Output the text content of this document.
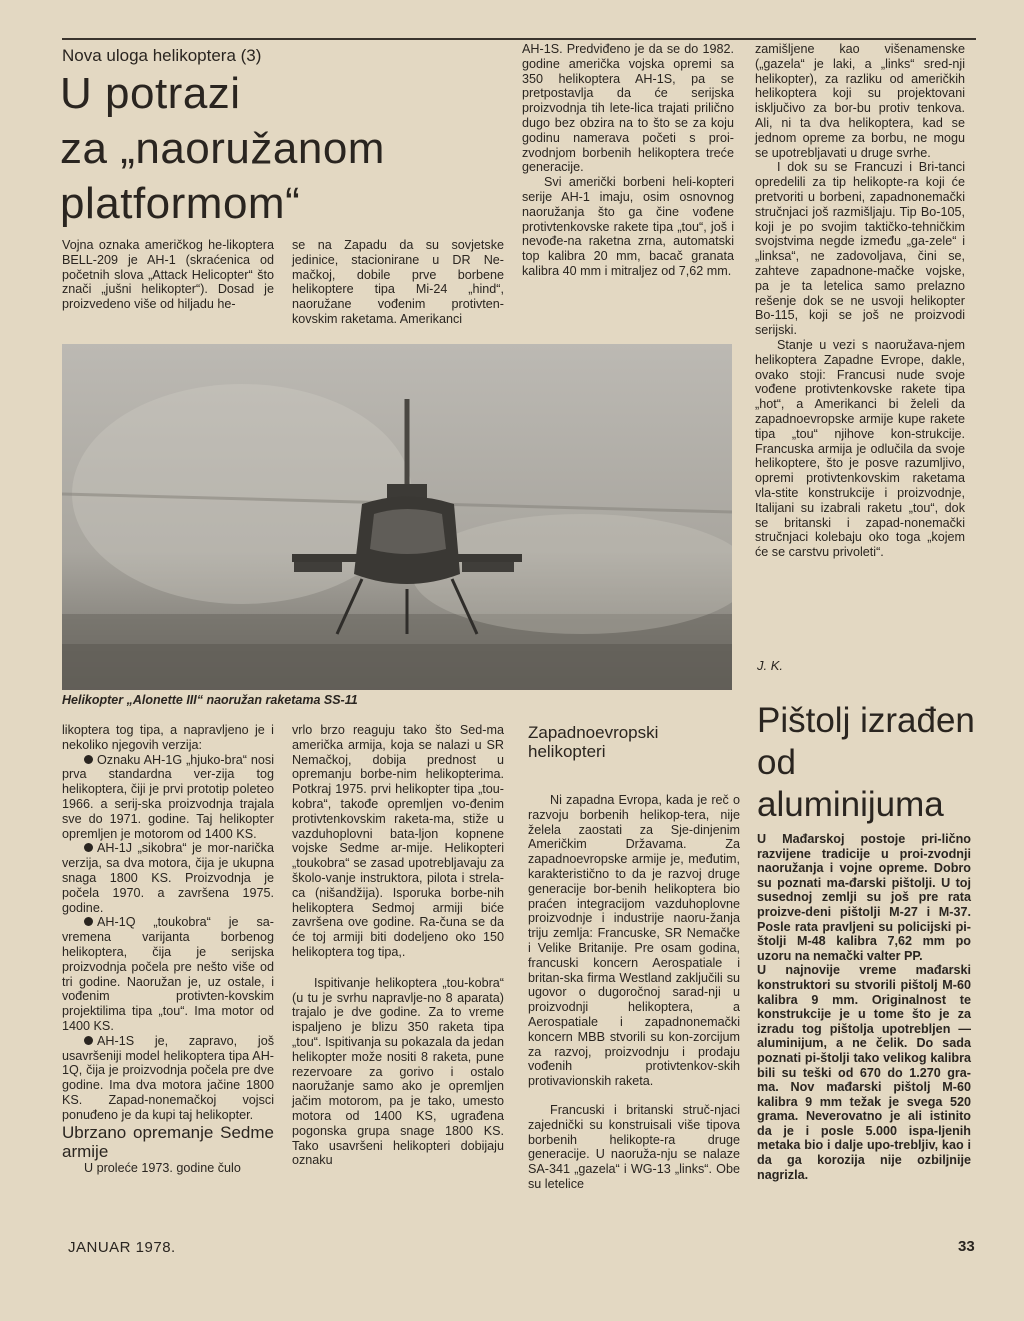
Nova uloga helikoptera (3)
U potrazi
za „naoružanom
platformom“

Vojna oznaka američkog he-likoptera BELL-209 je AH-1 (skraćenica od početnih slova „Attack Helicopter“ što znači „jušni helikopter“). Dosad je proizvedeno više od hiljadu he-

se na Zapadu da su sovjetske jedinice, stacionirane u DR Ne-mačkoj, dobile prve borbene helikoptere tipa Mi-24 „hind“, naoružane vođenim protivten-kovskim raketama. Amerikanci

AH-1S. Predviđeno je da se do 1982. godine američka vojska opremi sa 350 helikoptera AH-1S, pa se pretpostavlja da će serijska proizvodnja tih lete-lica trajati prilično dugo bez obzira na to što se za koju godinu namerava početi s proi-zvodnjom borbenih helikoptera treće generacije.

Svi američki borbeni heli-kopteri serije AH-1 imaju, osim osnovnog naoružanja što ga čine vođene protivtenkovske rakete tipa „tou“, još i nevođe-na raketna zrna, automatski top kalibra 20 mm, bacač granata kalibra 40 mm i mitraljez od 7,62 mm.

zamišljene kao višenamenske („gazela“ je laki, a „links“ sred-nji helikopter), za razliku od američkih helikoptera koji su projektovani isključivo za bor-bu protiv tenkova. Ali, ni ta dva helikoptera, kad se jednom opreme za borbu, ne mogu se upotrebljavati u druge svrhe.

I dok su se Francuzi i Bri-tanci opredelili za tip helikopte-ra koji će pretvoriti u borbeni, zapadnonemački stručnjaci još razmišljaju. Tip Bo-105, koji je po svojim taktičko-tehničkim svojstvima negde između „ga-zele“ i „linksa“, ne zadovoljava, čini se, zahteve zapadnone-mačke vojske, pa je ta letelica samo prelazno rešenje dok se ne usvoji helikopter Bo-115, koji se još ne proizvodi serijski.

Stanje u vezi s naoružava-njem helikoptera Zapadne Evrope, dakle, ovako stoji: Francusi nude svoje vođene protivtenkovske rakete tipa „hot“, a Amerikanci bi želeli da zapadnoevropske armije kupe rakete tipa „tou“ njihove kon-strukcije. Francuska armija je odlučila da svoje helikoptere, što je posve razumljivo, opremi protivtenkovskim raketama vla-stite konstrukcije i proizvodnje, Italijani su izabrali raketu „tou“, dok se britanski i zapad-nonemački stručnjaci kolebaju oko toga „kojem će se carstvu privoleti“.

J. K.
Helikopter „Alonette III“ naoružan raketama SS-11

likoptera tog tipa, a napravljeno je i nekoliko njegovih verzija:

Oznaku AH-1G „hjuko-bra“ nosi prva standardna ver-zija tog helikoptera, čiji je prvi prototip poleteo 1966. a serij-ska proizvodnja trajala sve do 1971. godine. Taj helikopter opremljen je motorom od 1400 KS.

AH-1J „sikobra“ je mor-narička verzija, sa dva motora, čija je ukupna snaga 1800 KS. Proizvodnja je počela 1970. a završena 1975. godine.

AH-1Q „toukobra“ je sa-vremena varijanta borbenog helikoptera, čija je serijska proizvodnja počela pre nešto više od tri godine. Naoružan je, uz ostale, i vođenim protivten-kovskim projektilima tipa „tou“. Ima motor od 1400 KS.

AH-1S je, zapravo, još usavršeniji model helikoptera tipa AH-1Q, čija je proizvodnja počela pre dve godine. Ima dva motora jačine 1800 KS. Zapad-nonemačkoj vojsci ponuđeno je da kupi taj helikopter.

Ubrzano opremanje Sedme armije

U proleće 1973. godine čulo

vrlo brzo reaguju tako što Sed-ma američka armija, koja se nalazi u SR Nemačkoj, dobija prednost u opremanju borbe-nim helikopterima. Potkraj 1975. prvi helikopter tipa „tou-kobra“, takođe opremljen vo-đenim protivtenkovskim raketa-ma, stiže u vazduhoplovni bata-ljon kopnene vojske Sedme ar-mije. Helikopteri „toukobra“ se zasad upotrebljavaju za školo-vanje instruktora, pilota i strela-ca (nišandžija). Isporuka borbe-nih helikoptera Sedmoj armiji biće završena ove godine. Ra-čuna se da će toj armiji biti dodeljeno oko 150 helikoptera tog tipa,.

Ispitivanje helikoptera „tou-kobra“ (u tu je svrhu napravlje-no 8 aparata) trajalo je dve godine. Za to vreme ispaljeno je blizu 350 raketa tipa „tou“. Ispitivanja su pokazala da jedan helikopter može nositi 8 raketa, pune rezervoare za gorivo i ostalo naoružanje samo ako je opremljen jačim motorom, pa je tako, umesto motora od 1400 KS, ugrađena pogonska grupa snage 1800 KS. Tako usavršeni helikopteri dobijaju oznaku

Zapadnoevropski helikopteri

Ni zapadna Evropa, kada je reč o razvoju borbenih helikop-tera, nije želela zaostati za Sje-dinjenim Američkim Državama. Za zapadnoevropske armije je, međutim, karakteristično to da je razvoj druge generacije bor-benih helikoptera bio praćen integracijom vazduhoplovne proizvodnje i industrije naoru-žanja triju zemlja: Francuske, SR Nemačke i Velike Britanije. Pre osam godina, francuski koncern Aerospatiale i britan-ska firma Westland zaključili su ugovor o dugoročnoj sarad-nji u proizvodnji helikoptera, a Aerospatiale i zapadnonemački koncern MBB stvorili su kon-zorcijum za razvoj, proizvodnju i prodaju vođenih protivtenkov-skih protivavionskih raketa.

Francuski i britanski struč-njaci zajednički su konstruisali više tipova borbenih helikopte-ra druge generacije. U naoruža-nju se nalaze SA-341 „gazela“ i WG-13 „links“. Obe su letelice

Pištolj izrađen od aluminijuma

U Mađarskoj postoje pri-lično razvijene tradicije u proi-zvodnji naoružanja i vojne opreme. Dobro su poznati ma-đarski pištolji. U toj susednoj zemlji su još pre rata proizve-deni pištolji M-27 i M-37. Posle rata pravljeni su policijski pi-štolji M-48 kalibra 7,62 mm po uzoru na nemački valter PP.

U najnovije vreme mađarski konstruktori su stvorili pištolj M-60 kalibra 9 mm. Originalnost te konstrukcije je u tome što je za izradu tog pištolja upotrebljen — aluminijum, a ne čelik. Do sada poznati pi-štolji tako velikog kalibra bili su teški od 670 do 1.270 gra-ma. Nov mađarski pištolj M-60 kalibra 9 mm težak je svega 520 grama. Neverovatno je ali istinito da je i posle 5.000 ispa-ljenih metaka bio i dalje upo-trebljiv, kao i da ga korozija nije ozbiljnije nagrizla.

JANUAR 1978.	33
